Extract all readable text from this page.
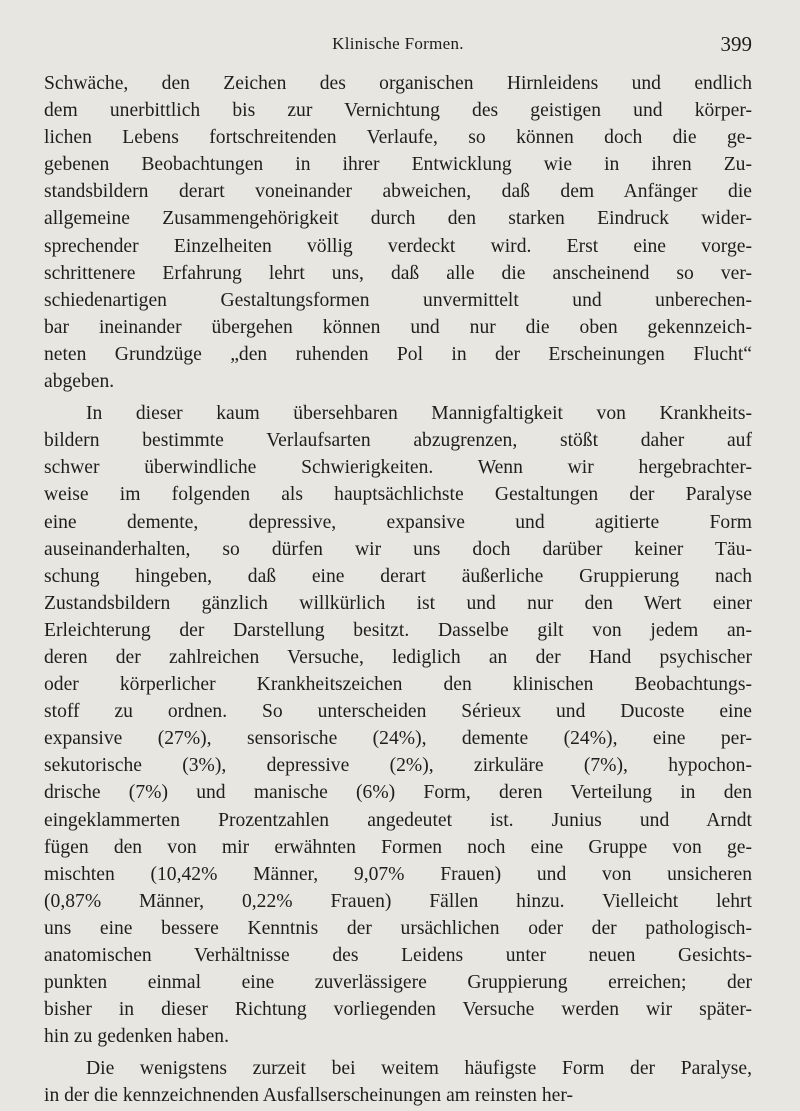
Klinische Formen.	399
Schwäche, den Zeichen des organischen Hirnleidens und endlich
dem unerbittlich bis zur Vernichtung des geistigen und körper-
lichen Lebens fortschreitenden Verlaufe, so können doch die ge-
gebenen Beobachtungen in ihrer Entwicklung wie in ihren Zu-
standsbildern derart voneinander abweichen, daß dem Anfänger die
allgemeine Zusammengehörigkeit durch den starken Eindruck wider-
sprechender Einzelheiten völlig verdeckt wird. Erst eine vorge-
schrittenere Erfahrung lehrt uns, daß alle die anscheinend so ver-
schiedenartigen Gestaltungsformen unvermittelt und unberechen-
bar ineinander übergehen können und nur die oben gekennzeich-
neten Grundzüge „den ruhenden Pol in der Erscheinungen Flucht“
abgeben.
In dieser kaum übersehbaren Mannigfaltigkeit von Krankheits-
bildern bestimmte Verlaufsarten abzugrenzen, stößt daher auf
schwer überwindliche Schwierigkeiten. Wenn wir hergebrachter-
weise im folgenden als hauptsächlichste Gestaltungen der Paralyse
eine demente, depressive, expansive und agitierte Form
auseinanderhalten, so dürfen wir uns doch darüber keiner Täu-
schung hingeben, daß eine derart äußerliche Gruppierung nach
Zustandsbildern gänzlich willkürlich ist und nur den Wert einer
Erleichterung der Darstellung besitzt. Dasselbe gilt von jedem an-
deren der zahlreichen Versuche, lediglich an der Hand psychischer
oder körperlicher Krankheitszeichen den klinischen Beobachtungs-
stoff zu ordnen. So unterscheiden Sérieux und Ducoste eine
expansive (27%), sensorische (24%), demente (24%), eine per-
sekutorische (3%), depressive (2%), zirkuläre (7%), hypochon-
drische (7%) und manische (6%) Form, deren Verteilung in den
eingeklammerten Prozentzahlen angedeutet ist. Junius und Arndt
fügen den von mir erwähnten Formen noch eine Gruppe von ge-
mischten (10,42% Männer, 9,07% Frauen) und von unsicheren
(0,87% Männer, 0,22% Frauen) Fällen hinzu. Vielleicht lehrt
uns eine bessere Kenntnis der ursächlichen oder der pathologisch-
anatomischen Verhältnisse des Leidens unter neuen Gesichts-
punkten einmal eine zuverlässigere Gruppierung erreichen; der
bisher in dieser Richtung vorliegenden Versuche werden wir später-
hin zu gedenken haben.
Die wenigstens zurzeit bei weitem häufigste Form der Paralyse,
in der die kennzeichnenden Ausfallserscheinungen am reinsten her-
